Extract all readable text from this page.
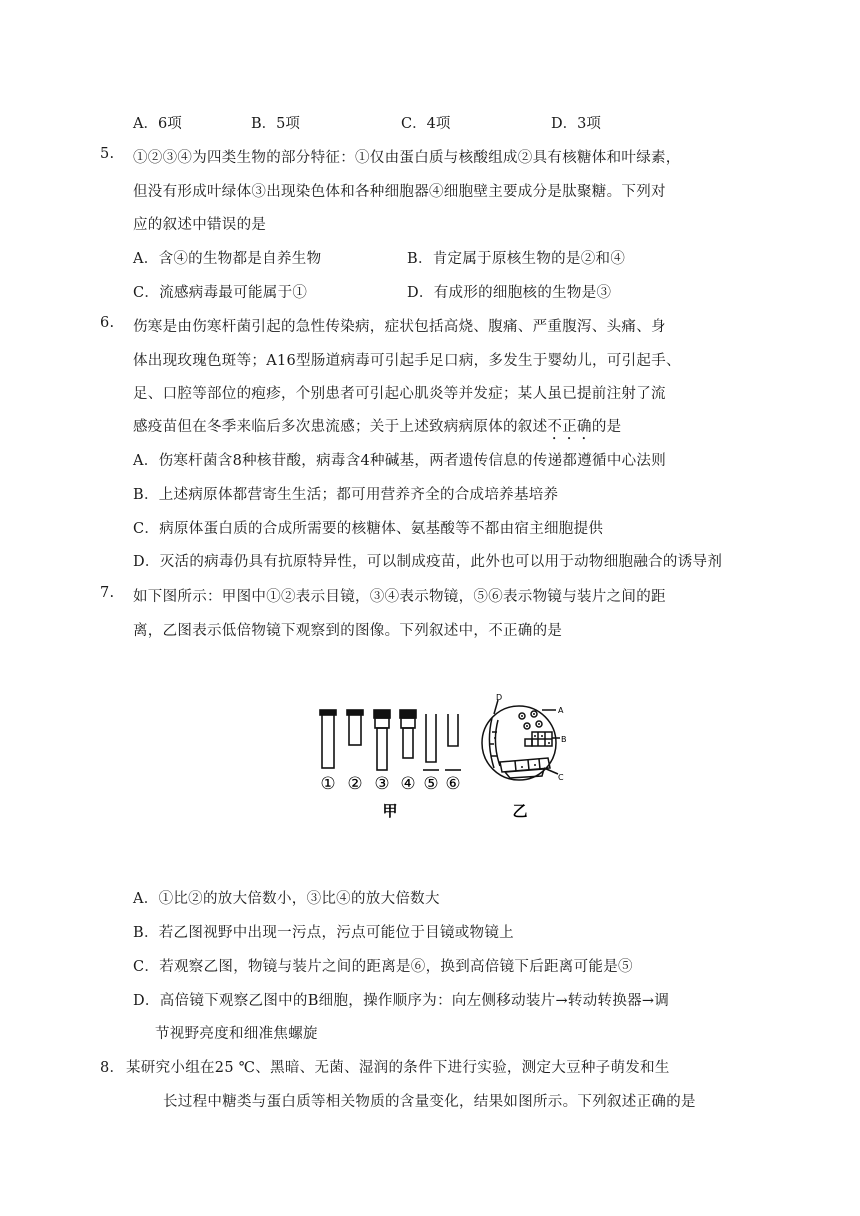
A．6项	B．5项	C．4项	D．3项
5. ①②③④为四类生物的部分特征：①仅由蛋白质与核酸组成②具有核糖体和叶绿素，
但没有形成叶绿体③出现染色体和各种细胞器④细胞壁主要成分是肽聚糖。下列对
应的叙述中错误的是
A．含④的生物都是自养生物	B．肯定属于原核生物的是②和④
C．流感病毒最可能属于①	D．有成形的细胞核的生物是③
6. 伤寒是由伤寒杆菌引起的急性传染病，症状包括高烧、腹痛、严重腹泻、头痛、身
体出现玫瑰色斑等；A16型肠道病毒可引起手足口病，多发生于婴幼儿，可引起手、
足、口腔等部位的疱疹，个别患者可引起心肌炎等并发症；某人虽已提前注射了流
感疫苗但在冬季来临后多次患流感；关于上述致病病原体的叙述不正确的是
A．伤寒杆菌含8种核苷酸，病毒含4种碱基，两者遗传信息的传递都遵循中心法则
B．上述病原体都营寄生生活；都可用营养齐全的合成培养基培养
C．病原体蛋白质的合成所需要的核糖体、氨基酸等不都由宿主细胞提供
D．灭活的病毒仍具有抗原特异性，可以制成疫苗，此外也可以用于动物细胞融合的诱导剂
7. 如下图所示：甲图中①②表示目镜，③④表示物镜，⑤⑥表示物镜与装片之间的距
离，乙图表示低倍物镜下观察到的图像。下列叙述中，不正确的是
① ② ③ ④ ⑤ ⑥
甲
D
A
B
C
乙
A．①比②的放大倍数小，③比④的放大倍数大
B．若乙图视野中出现一污点，污点可能位于目镜或物镜上
C．若观察乙图，物镜与装片之间的距离是⑥，换到高倍镜下后距离可能是⑤
D．高倍镜下观察乙图中的B细胞，操作顺序为：向左侧移动装片→转动转换器→调
节视野亮度和细准焦螺旋
8． 某研究小组在25 ℃、黑暗、无菌、湿润的条件下进行实验，测定大豆种子萌发和生
长过程中糖类与蛋白质等相关物质的含量变化，结果如图所示。下列叙述正确的是
